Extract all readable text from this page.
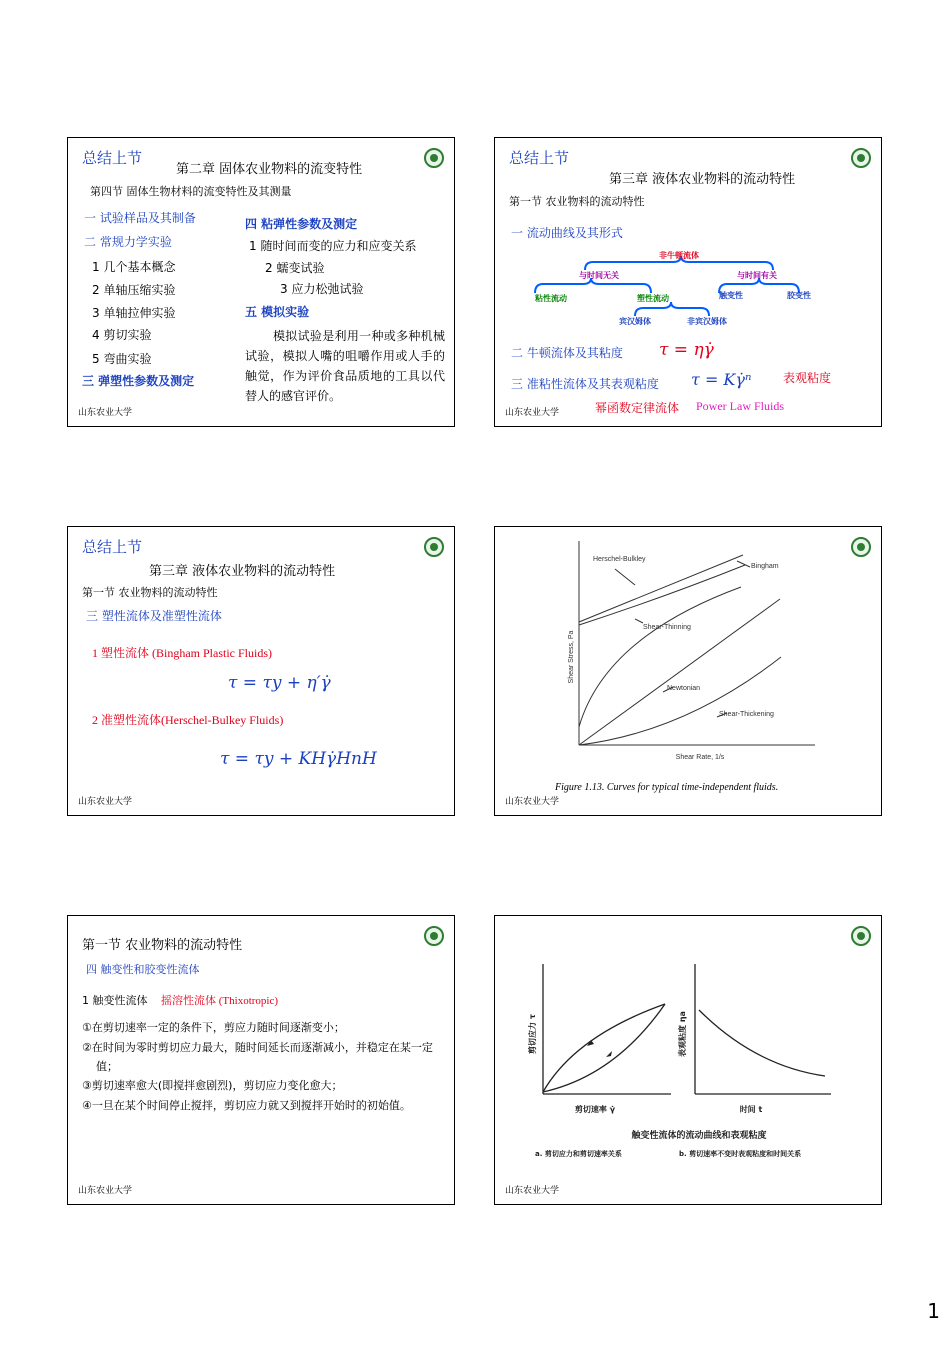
总结上节
第二章 固体农业物料的流变特性
第四节 固体生物材料的流变特性及其测量
一 试验样品及其制备
二 常规力学实验
1 几个基本概念
2 单轴压缩实验
3 单轴拉伸实验
4 剪切实验
5 弯曲实验
三 弹塑性参数及测定
四 粘弹性参数及测定
1 随时间而变的应力和应变关系
2 蠕变试验
3 应力松弛试验
五 模拟实验
模拟试验是利用一种或多种机械试验，模拟人嘴的咀嚼作用或人手的触觉，作为评价食品质地的工具以代替人的感官评价。
山东农业大学
总结上节
第三章 液体农业物料的流动特性
第一节 农业物料的流动特性
一 流动曲线及其形式
非牛顿流体
与时间无关	与时间有关
粘性流动	塑性流动	触变性	胶变性
宾汉姆体	非宾汉姆体
二 牛顿流体及其粘度 τ = ηγ̇
三 准粘性流体及其表观粘度 τ = Kγ̇ⁿ	表观粘度
幂函数定律流体 Power Law Fluids
山东农业大学
总结上节
第三章 液体农业物料的流动特性
第一节 农业物料的流动特性
三 塑性流体及准塑性流体
1 塑性流体 (Bingham Plastic Fluids)
τ = τy + η′γ̇
2 准塑性流体(Herschel-Bulkey Fluids)
τ = τy + KHγ̇HnH
山东农业大学
Shear Stress, Pa
Shear Rate, 1/s
Herschel-Bulkley
Bingham
Shear-Thinning
Newtonian
Shear-Thickening
Figure 1.13. Curves for typical time-independent fluids.
山东农业大学
第一节 农业物料的流动特性
四 触变性和胶变性流体
1 触变性流体 摇溶性流体 (Thixotropic)
①在剪切速率一定的条件下，剪应力随时间逐渐变小；
②在时间为零时剪切应力最大，随时间延长而逐渐减小，并稳定在某一定值；
③剪切速率愈大(即搅拌愈剧烈)，剪切应力变化愈大；
④一旦在某个时间停止搅拌，剪切应力就又到搅拌开始时的初始值。
山东农业大学
剪切应力 τ
剪切速率 γ̇
表观粘度 ηa
时间 t
触变性流体的流动曲线和表观粘度
a. 剪切应力和剪切速率关系	b. 剪切速率不变时表观粘度和时间关系
山东农业大学
1
